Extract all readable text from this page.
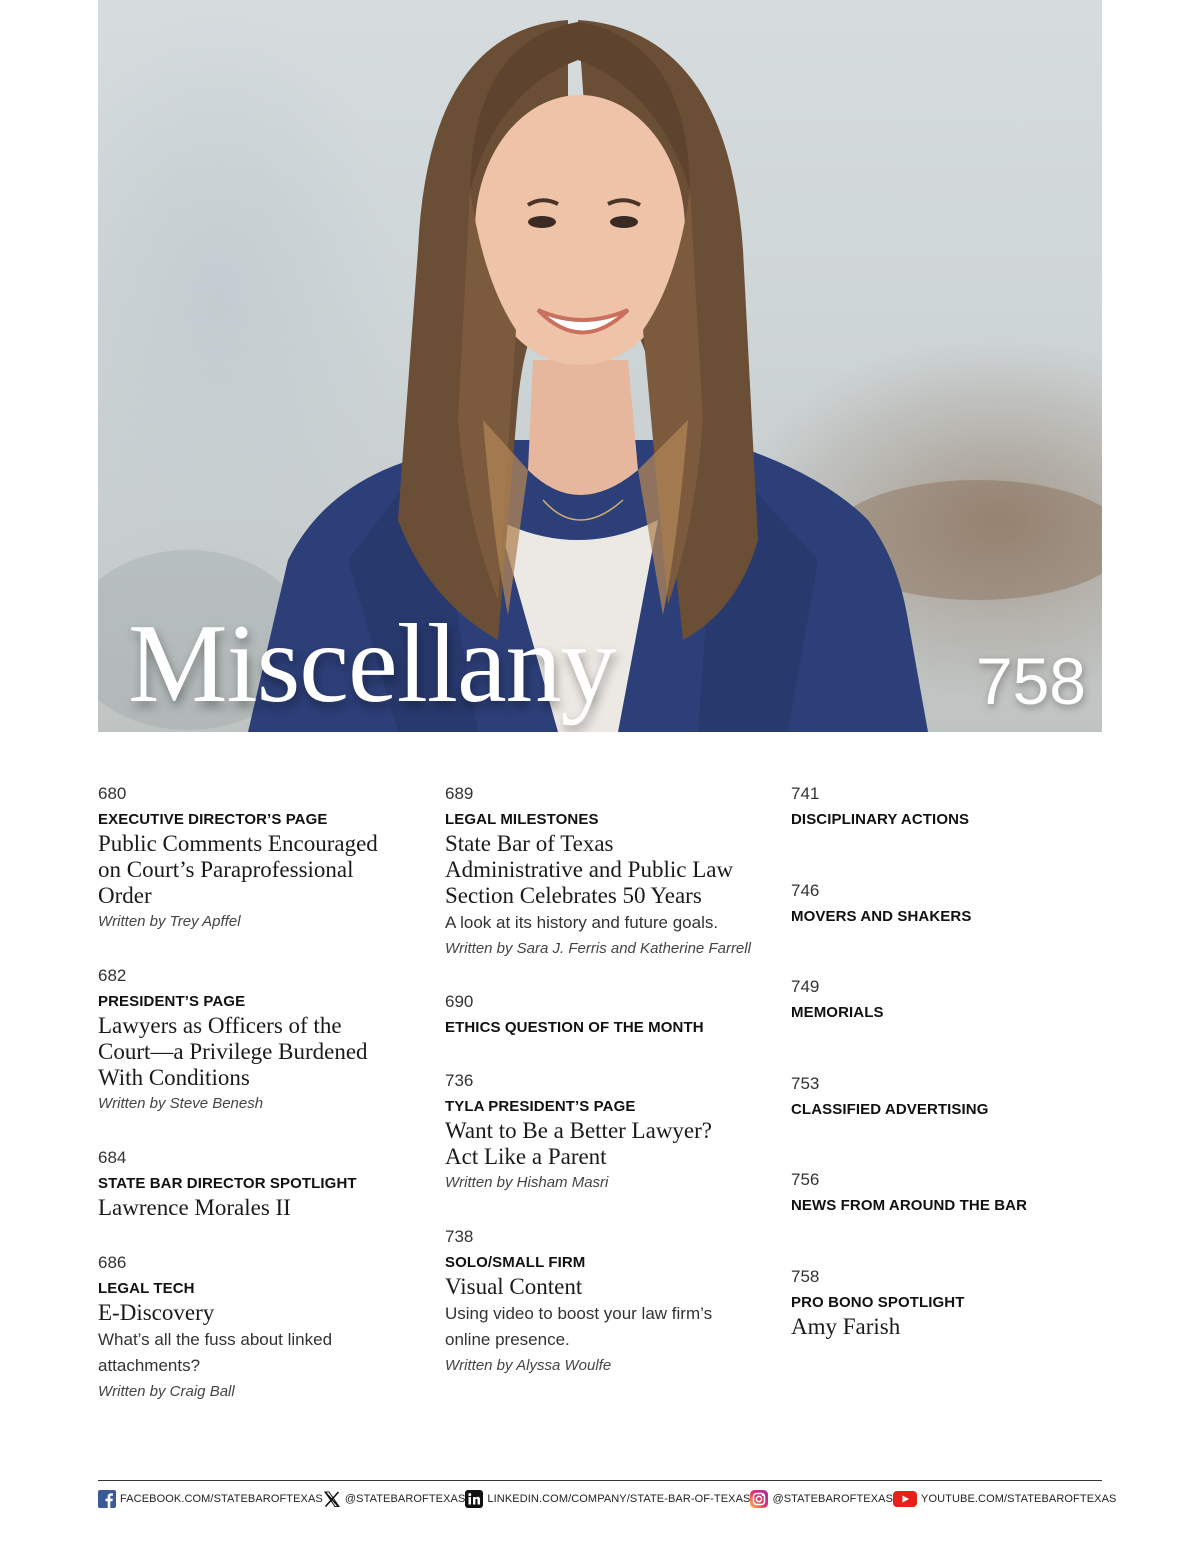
Miscellany	758
680
EXECUTIVE DIRECTOR’S PAGE
Public Comments Encouraged on Court’s Paraprofessional Order
Written by Trey Apffel
682
PRESIDENT’S PAGE
Lawyers as Officers of the Court—a Privilege Burdened With Conditions
Written by Steve Benesh
684
STATE BAR DIRECTOR SPOTLIGHT
Lawrence Morales II
686
LEGAL TECH
E-Discovery
What’s all the fuss about linked attachments?
Written by Craig Ball
689
LEGAL MILESTONES
State Bar of Texas Administrative and Public Law Section Celebrates 50 Years
A look at its history and future goals.
Written by Sara J. Ferris and Katherine Farrell
690
ETHICS QUESTION OF THE MONTH
736
TYLA PRESIDENT’S PAGE
Want to Be a Better Lawyer? Act Like a Parent
Written by Hisham Masri
738
SOLO/SMALL FIRM
Visual Content
Using video to boost your law firm’s online presence.
Written by Alyssa Woulfe
741
DISCIPLINARY ACTIONS
746
MOVERS AND SHAKERS
749
MEMORIALS
753
CLASSIFIED ADVERTISING
756
NEWS FROM AROUND THE BAR
758
PRO BONO SPOTLIGHT
Amy Farish
FACEBOOK.COM/STATEBAROFTEXAS @STATEBAROFTEXAS LINKEDIN.COM/COMPANY/STATE-BAR-OF-TEXAS @STATEBAROFTEXAS	YOUTUBE.COM/STATEBAROFTEXAS
